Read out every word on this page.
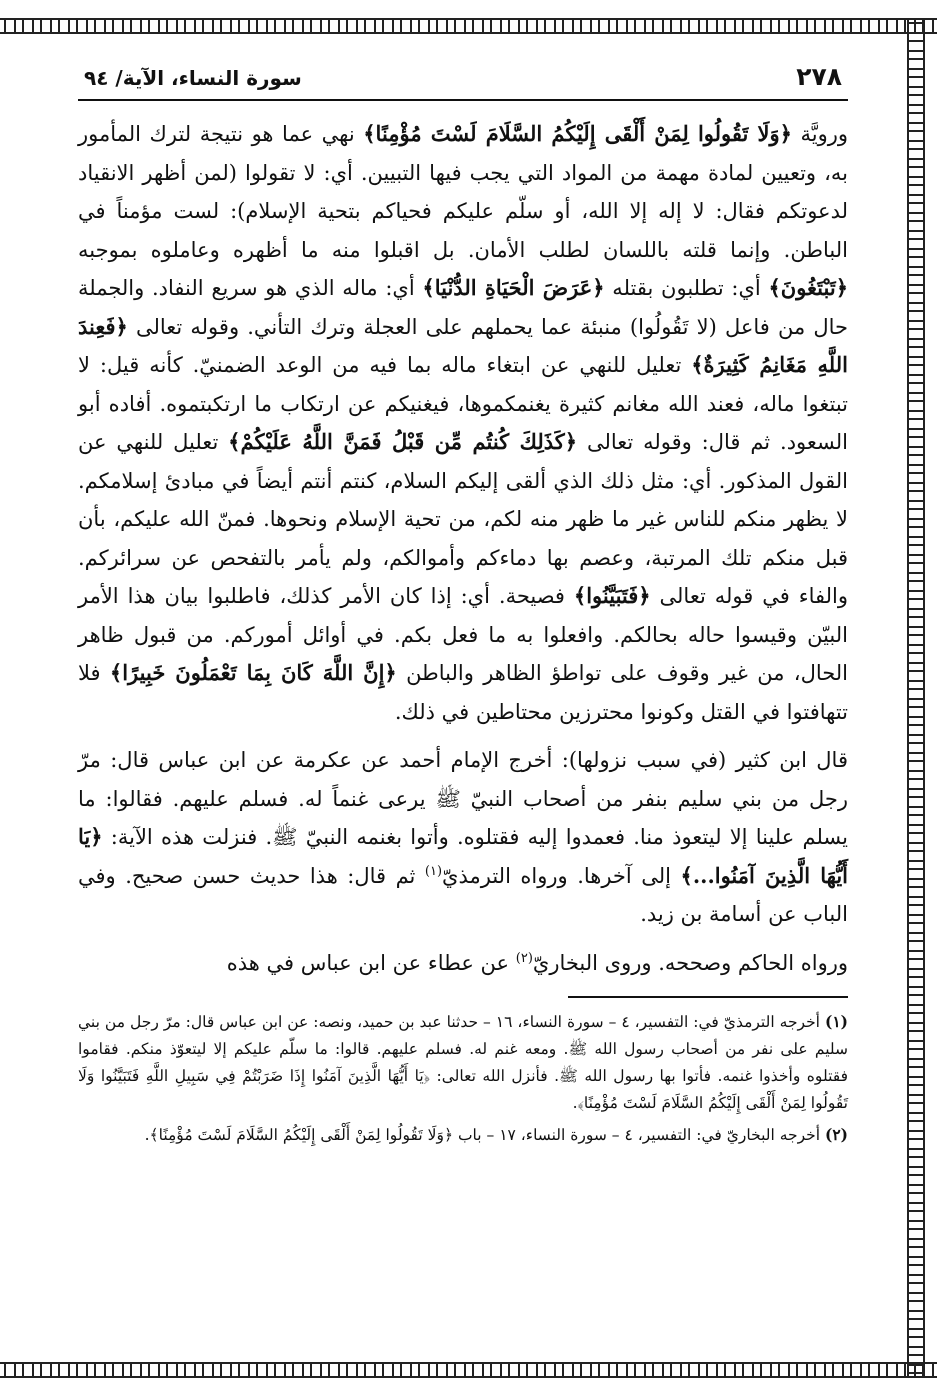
٢٧٨
سورة النساء، الآية/ ٩٤

ورويَّة ﴿وَلَا تَقُولُوا لِمَنْ أَلْقَى إِلَيْكُمُ السَّلَامَ لَسْتَ مُؤْمِنًا﴾ نهي عما هو نتيجة لترك المأمور به، وتعيين لمادة مهمة من المواد التي يجب فيها التبيين. أي: لا تقولوا (لمن أظهر الانقياد لدعوتكم فقال: لا إله إلا الله، أو سلّم عليكم فحياكم بتحية الإسلام): لست مؤمناً في الباطن. وإنما قلته باللسان لطلب الأمان. بل اقبلوا منه ما أظهره وعاملوه بموجبه ﴿تَبْتَغُونَ﴾ أي: تطلبون بقتله ﴿عَرَضَ الْحَيَاةِ الدُّنْيَا﴾ أي: ماله الذي هو سريع النفاد. والجملة حال من فاعل (لا تَقُولُوا) منبئة عما يحملهم على العجلة وترك التأني. وقوله تعالى ﴿فَعِندَ اللَّهِ مَغَانِمُ كَثِيرَةٌ﴾ تعليل للنهي عن ابتغاء ماله بما فيه من الوعد الضمنيّ. كأنه قيل: لا تبتغوا ماله، فعند الله مغانم كثيرة يغنمكموها، فيغنيكم عن ارتكاب ما ارتكبتموه. أفاده أبو السعود. ثم قال: وقوله تعالى ﴿كَذَلِكَ كُنتُم مِّن قَبْلُ فَمَنَّ اللَّهُ عَلَيْكُمْ﴾ تعليل للنهي عن القول المذكور. أي: مثل ذلك الذي ألقى إليكم السلام، كنتم أنتم أيضاً في مبادئ إسلامكم. لا يظهر منكم للناس غير ما ظهر منه لكم، من تحية الإسلام ونحوها. فمنّ الله عليكم، بأن قبل منكم تلك المرتبة، وعصم بها دماءكم وأموالكم، ولم يأمر بالتفحص عن سرائركم. والفاء في قوله تعالى ﴿فَتَبَيَّنُوا﴾ فصيحة. أي: إذا كان الأمر كذلك، فاطلبوا بيان هذا الأمر البيّن وقيسوا حاله بحالكم. وافعلوا به ما فعل بكم. في أوائل أموركم. من قبول ظاهر الحال، من غير وقوف على تواطؤ الظاهر والباطن ﴿إِنَّ اللَّهَ كَانَ بِمَا تَعْمَلُونَ خَبِيرًا﴾ فلا تتهافتوا في القتل وكونوا محترزين محتاطين في ذلك.

قال ابن كثير (في سبب نزولها): أخرج الإمام أحمد عن عكرمة عن ابن عباس قال: مرّ رجل من بني سليم بنفر من أصحاب النبيّ ﷺ يرعى غنماً له. فسلم عليهم. فقالوا: ما يسلم علينا إلا ليتعوذ منا. فعمدوا إليه فقتلوه. وأتوا بغنمه النبيّ ﷺ. فنزلت هذه الآية: ﴿يَا أَيُّهَا الَّذِينَ آمَنُوا...﴾ إلى آخرها. ورواه الترمذيّ$^{(١)}$ ثم قال: هذا حديث حسن صحيح. وفي الباب عن أسامة بن زيد.

ورواه الحاكم وصححه. وروى البخاريّ$^{(٢)}$ عن عطاء عن ابن عباس في هذه

(١) أخرجه الترمذيّ في: التفسير، ٤ – سورة النساء، ١٦ – حدثنا عبد بن حميد، ونصه: عن ابن عباس قال: مرّ رجل من بني سليم على نفر من أصحاب رسول الله ﷺ. ومعه غنم له. فسلم عليهم. قالوا: ما سلّم عليكم إلا ليتعوّذ منكم. فقاموا فقتلوه وأخذوا غنمه. فأتوا بها رسول الله ﷺ. فأنزل الله تعالى: ﴿يَا أَيُّهَا الَّذِينَ آمَنُوا إِذَا ضَرَبْتُمْ فِي سَبِيلِ اللَّهِ فَتَبَيَّنُوا وَلَا تَقُولُوا لِمَنْ أَلْقَى إِلَيْكُمُ السَّلَامَ لَسْتَ مُؤْمِنًا﴾.

(٢) أخرجه البخاريّ في: التفسير، ٤ – سورة النساء، ١٧ – باب ﴿وَلَا تَقُولُوا لِمَنْ أَلْقَى إِلَيْكُمُ السَّلَامَ لَسْتَ مُؤْمِنًا﴾.
